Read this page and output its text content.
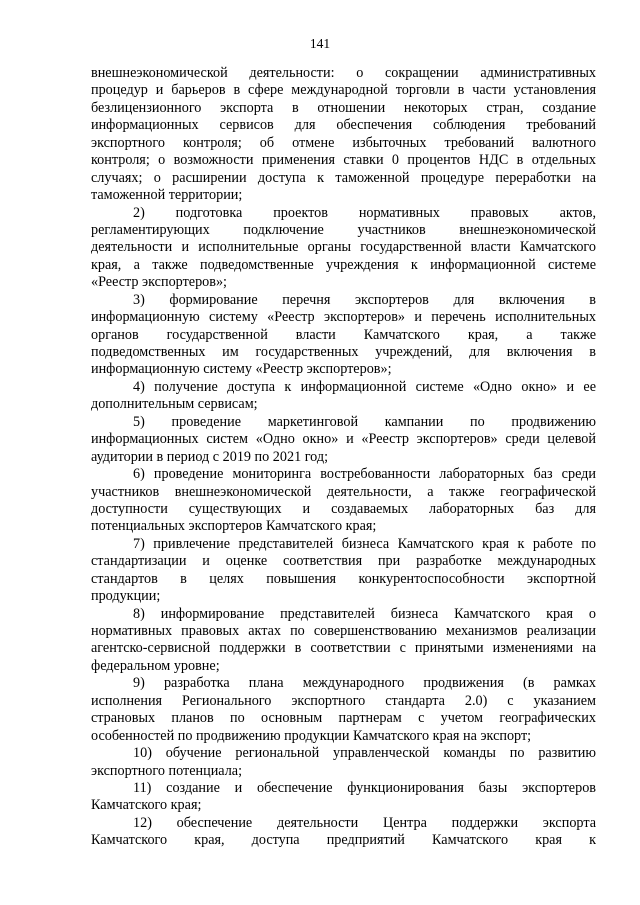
141
внешнеэкономической деятельности: о сокращении административных
процедур и барьеров в сфере международной торговли в части установления
безлицензионного экспорта в отношении некоторых стран, создание
информационных сервисов для обеспечения соблюдения требований
экспортного контроля; об отмене избыточных требований валютного
контроля; о возможности применения ставки 0 процентов НДС в отдельных
случаях; о расширении доступа к таможенной процедуре переработки на
таможенной территории;
2) подготовка проектов нормативных правовых актов,
регламентирующих подключение участников внешнеэкономической
деятельности и исполнительные органы государственной власти Камчатского
края, а также подведомственные учреждения к информационной системе
«Реестр экспортеров»;
3) формирование перечня экспортеров для включения в
информационную систему «Реестр экспортеров» и перечень исполнительных
органов государственной власти Камчатского края, а также
подведомственных им государственных учреждений, для включения в
информационную систему «Реестр экспортеров»;
4) получение доступа к информационной системе «Одно окно» и ее
дополнительным сервисам;
5) проведение маркетинговой кампании по продвижению
информационных систем «Одно окно» и «Реестр экспортеров» среди целевой
аудитории в период с 2019 по 2021 год;
6) проведение мониторинга востребованности лабораторных баз среди
участников внешнеэкономической деятельности, а также географической
доступности существующих и создаваемых лабораторных баз для
потенциальных экспортеров Камчатского края;
7) привлечение представителей бизнеса Камчатского края к работе по
стандартизации и оценке соответствия при разработке международных
стандартов в целях повышения конкурентоспособности экспортной
продукции;
8) информирование представителей бизнеса Камчатского края о
нормативных правовых актах по совершенствованию механизмов реализации
агентско-сервисной поддержки в соответствии с принятыми изменениями на
федеральном уровне;
9) разработка плана международного продвижения (в рамках
исполнения Регионального экспортного стандарта 2.0) с указанием
страновых планов по основным партнерам с учетом географических
особенностей по продвижению продукции Камчатского края на экспорт;
10) обучение региональной управленческой команды по развитию
экспортного потенциала;
11) создание и обеспечение функционирования базы экспортеров
Камчатского края;
12) обеспечение деятельности Центра поддержки экспорта
Камчатского края, доступа предприятий Камчатского края к
